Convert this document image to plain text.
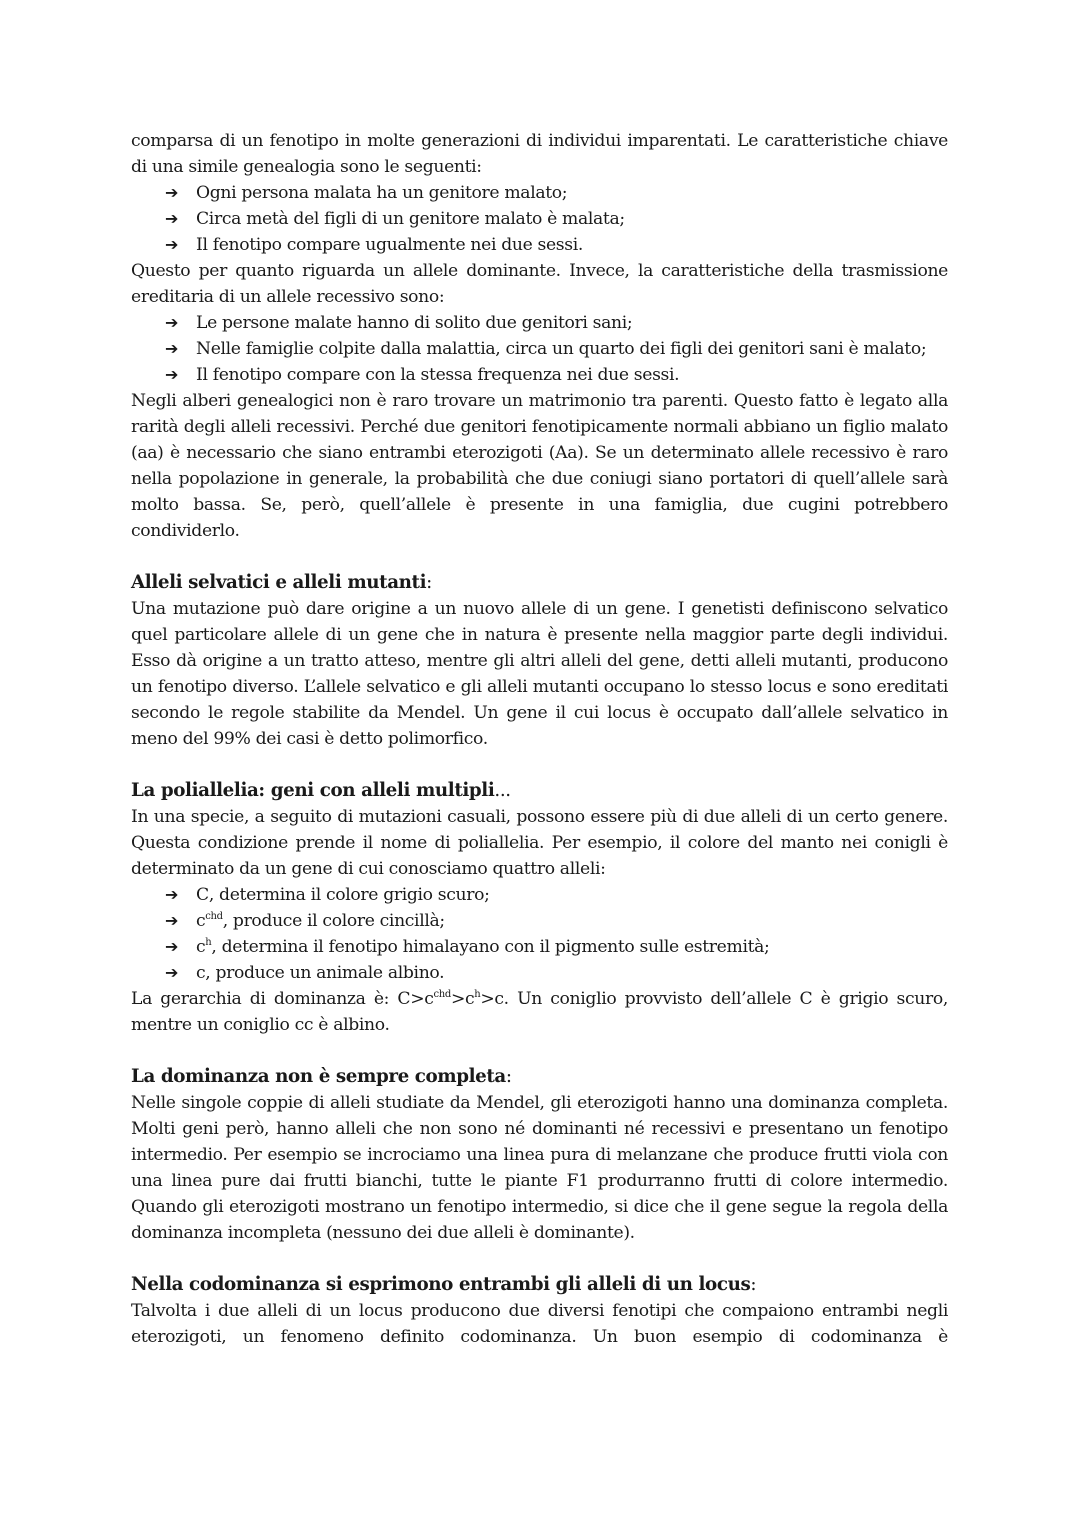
comparsa di un fenotipo in molte generazioni di individui imparentati. Le caratteristiche chiave di una simile genealogia sono le seguenti:

➔ Ogni persona malata ha un genitore malato;
➔ Circa metà del figli di un genitore malato è malata;
➔ Il fenotipo compare ugualmente nei due sessi.

Questo per quanto riguarda un allele dominante. Invece, la caratteristiche della trasmissione ereditaria di un allele recessivo sono:

➔ Le persone malate hanno di solito due genitori sani;
➔ Nelle famiglie colpite dalla malattia, circa un quarto dei figli dei genitori sani è malato;
➔ Il fenotipo compare con la stessa frequenza nei due sessi.

Negli alberi genealogici non è raro trovare un matrimonio tra parenti. Questo fatto è legato alla rarità degli alleli recessivi. Perché due genitori fenotipicamente normali abbiano un figlio malato (aa) è necessario che siano entrambi eterozigoti (Aa). Se un determinato allele recessivo è raro nella popolazione in generale, la probabilità che due coniugi siano portatori di quell’allele sarà molto bassa. Se, però, quell’allele è presente in una famiglia, due cugini potrebbero condividerlo.

Alleli selvatici e alleli mutanti:

Una mutazione può dare origine a un nuovo allele di un gene. I genetisti definiscono selvatico quel particolare allele di un gene che in natura è presente nella maggior parte degli individui. Esso dà origine a un tratto atteso, mentre gli altri alleli del gene, detti alleli mutanti, producono un fenotipo diverso. L’allele selvatico e gli alleli mutanti occupano lo stesso locus e sono ereditati secondo le regole stabilite da Mendel. Un gene il cui locus è occupato dall’allele selvatico in meno del 99% dei casi è detto polimorfico.

La poliallelia: geni con alleli multipli...

In una specie, a seguito di mutazioni casuali, possono essere più di due alleli di un certo genere. Questa condizione prende il nome di poliallelia. Per esempio, il colore del manto nei conigli è determinato da un gene di cui conosciamo quattro alleli:

➔ C, determina il colore grigio scuro;
➔ $c^{chd}$, produce il colore cincillà;
➔ $c^h$, determina il fenotipo himalayano con il pigmento sulle estremità;
➔ c, produce un animale albino.

La gerarchia di dominanza è: $C>c^{chd}>c^h>c$. Un coniglio provvisto dell’allele C è grigio scuro, mentre un coniglio cc è albino.

La dominanza non è sempre completa:

Nelle singole coppie di alleli studiate da Mendel, gli eterozigoti hanno una dominanza completa. Molti geni però, hanno alleli che non sono né dominanti né recessivi e presentano un fenotipo intermedio. Per esempio se incrociamo una linea pura di melanzane che produce frutti viola con una linea pure dai frutti bianchi, tutte le piante F1 produrranno frutti di colore intermedio. Quando gli eterozigoti mostrano un fenotipo intermedio, si dice che il gene segue la regola della dominanza incompleta (nessuno dei due alleli è dominante).

Nella codominanza si esprimono entrambi gli alleli di un locus:

Talvolta i due alleli di un locus producono due diversi fenotipi che compaiono entrambi negli eterozigoti, un fenomeno definito codominanza. Un buon esempio di codominanza è
